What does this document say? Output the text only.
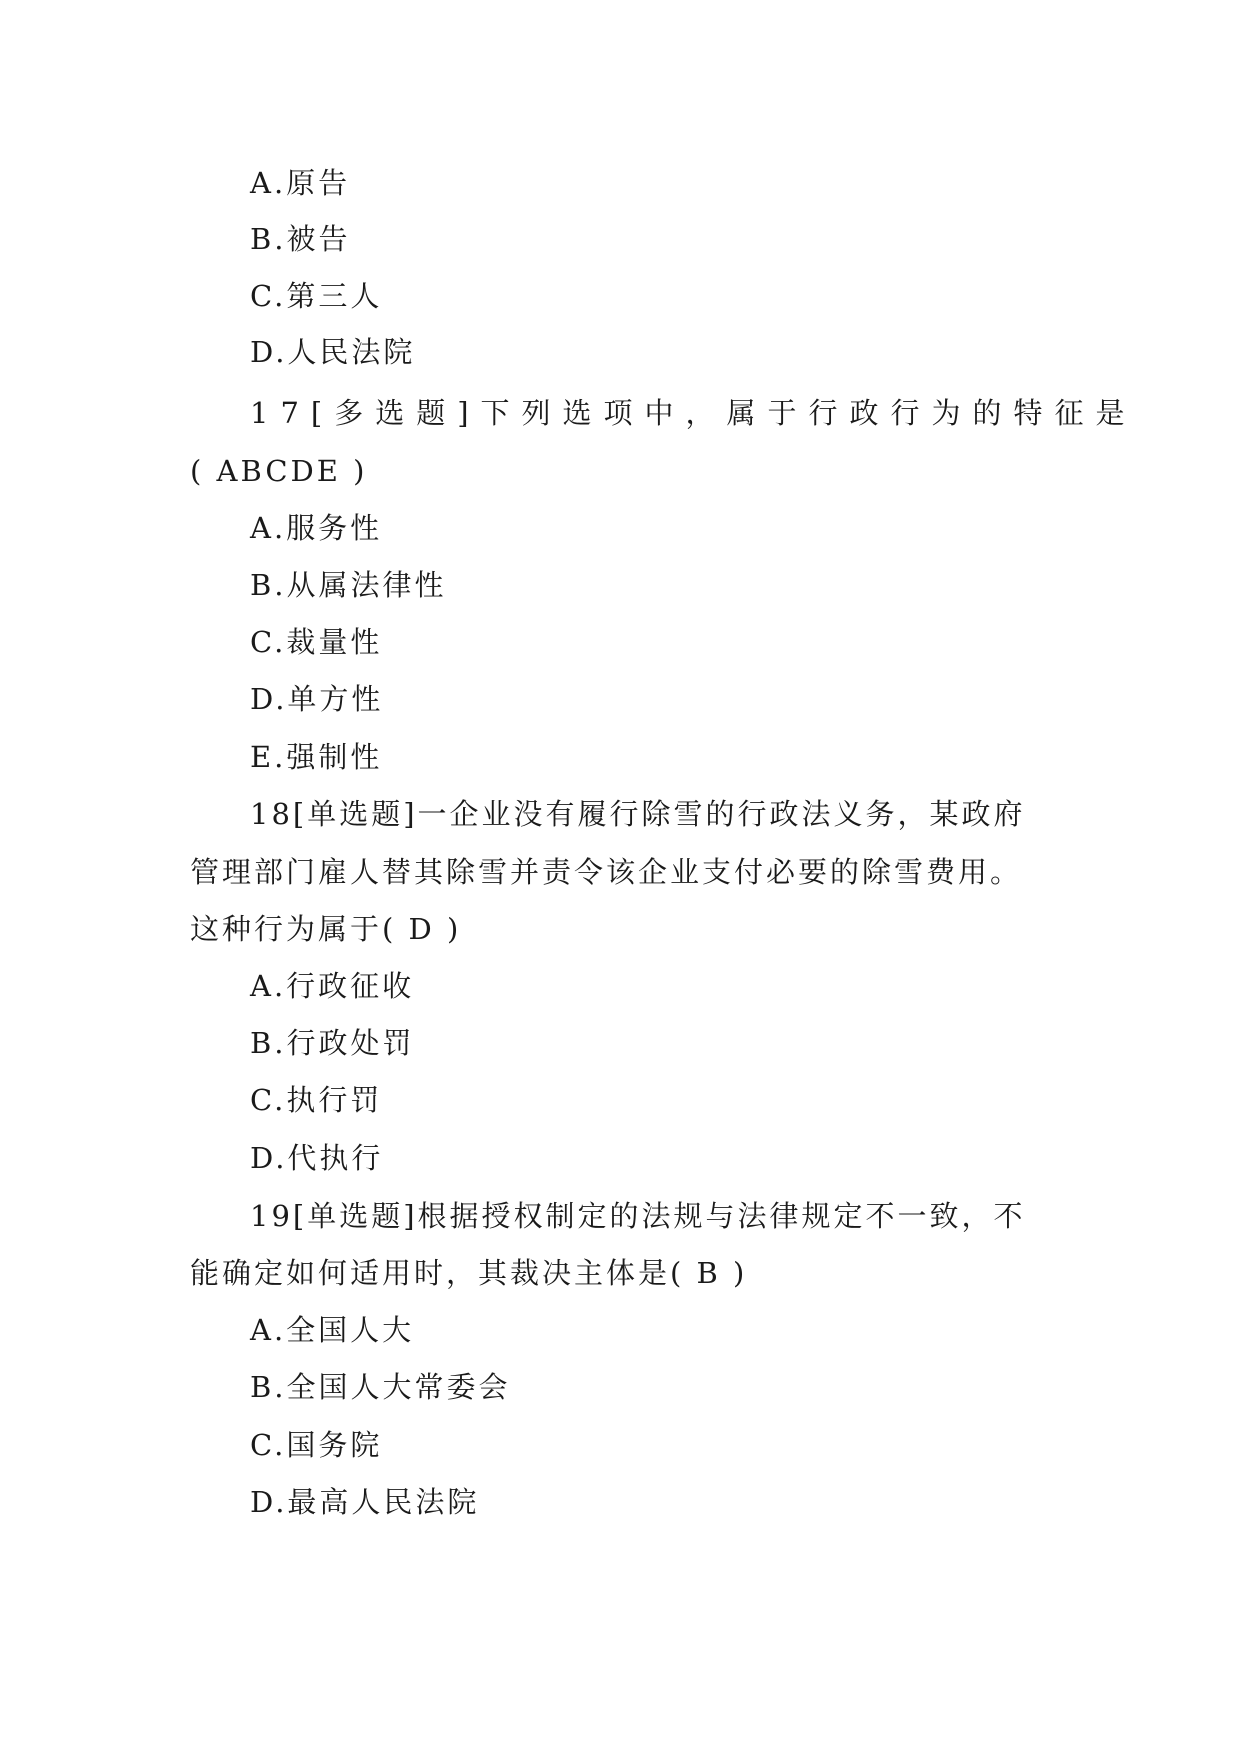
A.原告
B.被告
C.第三人
D.人民法院
17[多选题]下列选项中，属于行政行为的特征是
( ABCDE )
A.服务性
B.从属法律性
C.裁量性
D.单方性
E.强制性
18[单选题]一企业没有履行除雪的行政法义务，某政府
管理部门雇人替其除雪并责令该企业支付必要的除雪费用。
这种行为属于( D )
A.行政征收
B.行政处罚
C.执行罚
D.代执行
19[单选题]根据授权制定的法规与法律规定不一致，不
能确定如何适用时，其裁决主体是( B )
A.全国人大
B.全国人大常委会
C.国务院
D.最高人民法院
